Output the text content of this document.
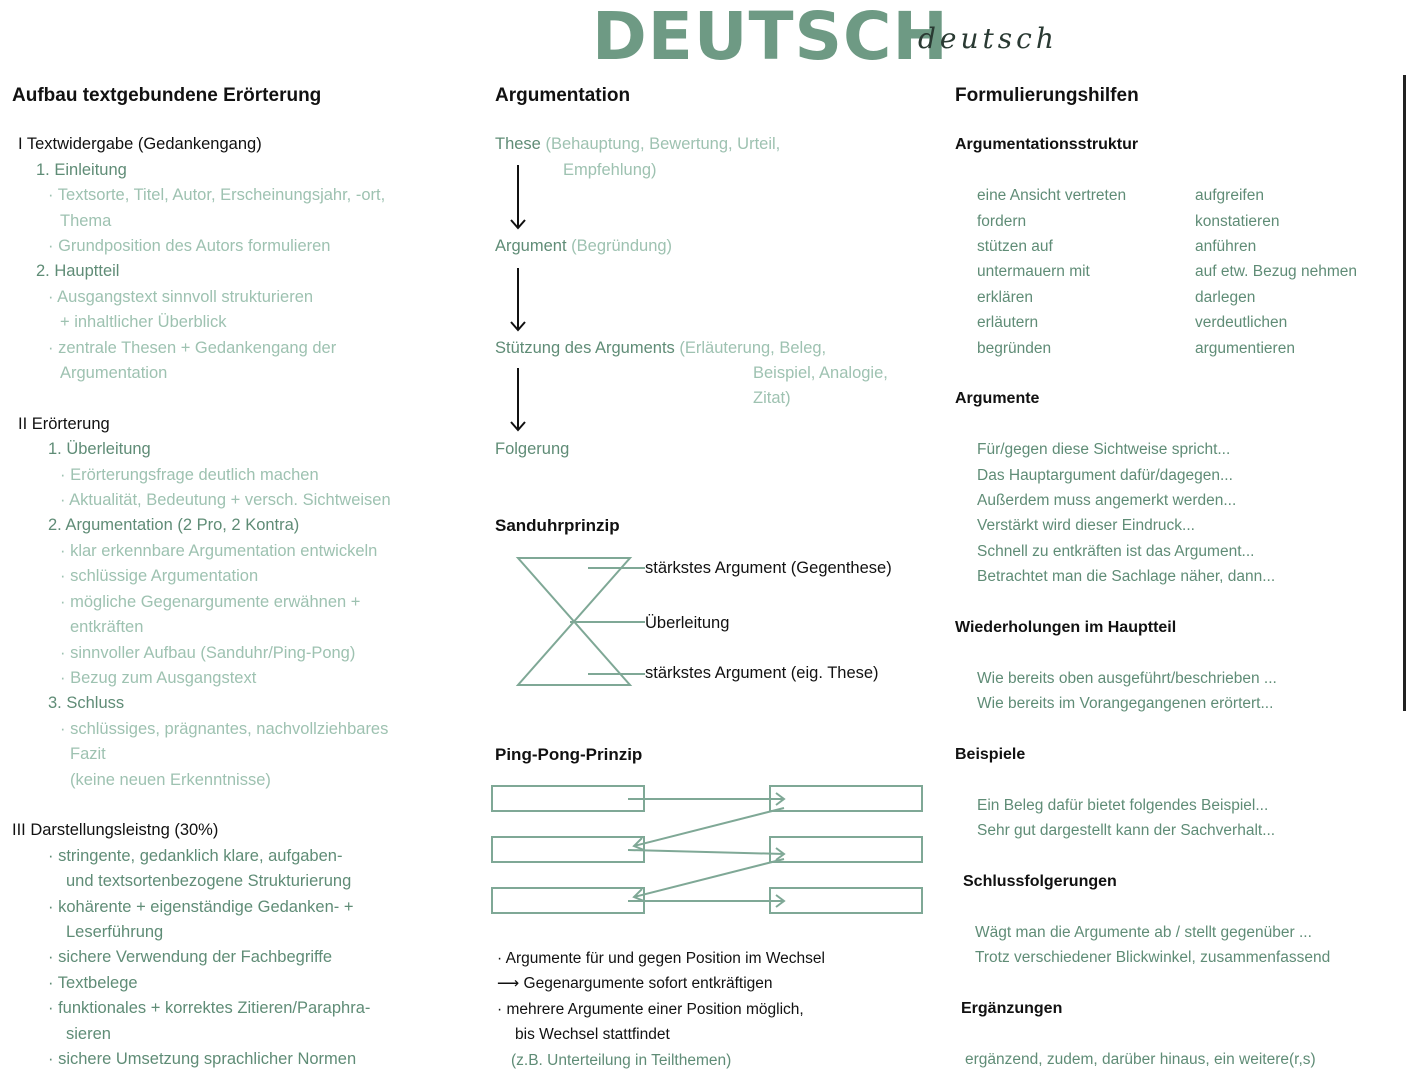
DEUTSCH
deutsch
Aufbau textgebundene Erörterung
I Textwidergabe (Gedankengang)
1. Einleitung
· Textsorte, Titel, Autor, Erscheinungsjahr, -ort,
Thema
· Grundposition des Autors formulieren
2. Hauptteil
· Ausgangstext sinnvoll strukturieren
+ inhaltlicher Überblick
· zentrale Thesen + Gedankengang der
Argumentation
II Erörterung
1. Überleitung
· Erörterungsfrage deutlich machen
· Aktualität, Bedeutung + versch. Sichtweisen
2. Argumentation (2 Pro, 2 Kontra)
· klar erkennbare Argumentation entwickeln
· schlüssige Argumentation
· mögliche Gegenargumente erwähnen +
entkräften
· sinnvoller Aufbau (Sanduhr/Ping-Pong)
· Bezug zum Ausgangstext
3. Schluss
· schlüssiges, prägnantes, nachvollziehbares
Fazit
(keine neuen Erkenntnisse)
III Darstellungsleistng (30%)
· stringente, gedanklich klare, aufgaben-
und textsortenbezogene Strukturierung
· kohärente + eigenständige Gedanken- +
Leserführung
· sichere Verwendung der Fachbegriffe
· Textbelege
· funktionales + korrektes Zitieren/Paraphra-
sieren
· sichere Umsetzung sprachlicher Normen
Argumentation
These (Behauptung, Bewertung, Urteil,
Empfehlung)
Argument (Begründung)
Stützung des Arguments (Erläuterung, Beleg,
Beispiel, Analogie,
Zitat)
Folgerung
Sanduhrprinzip
stärkstes Argument (Gegenthese)
Überleitung
stärkstes Argument (eig. These)
Ping-Pong-Prinzip
· Argumente für und gegen Position im Wechsel
⟶ Gegenargumente sofort entkräftigen
· mehrere Argumente einer Position möglich,
bis Wechsel stattfindet
(z.B. Unterteilung in Teilthemen)
Formulierungshilfen
Argumentationsstruktur
eine Ansicht vertreten
fordern
stützen auf
untermauern mit
erklären
erläutern
begründen
aufgreifen
konstatieren
anführen
auf etw. Bezug nehmen
darlegen
verdeutlichen
argumentieren
Argumente
Für/gegen diese Sichtweise spricht...
Das Hauptargument dafür/dagegen...
Außerdem muss angemerkt werden...
Verstärkt wird dieser Eindruck...
Schnell zu entkräften ist das Argument...
Betrachtet man die Sachlage näher, dann...
Wiederholungen im Hauptteil
Wie bereits oben ausgeführt/beschrieben ...
Wie bereits im Vorangegangenen erörtert...
Beispiele
Ein Beleg dafür bietet folgendes Beispiel...
Sehr gut dargestellt kann der Sachverhalt...
Schlussfolgerungen
Wägt man die Argumente ab / stellt gegenüber ...
Trotz verschiedener Blickwinkel, zusammenfassend
Ergänzungen
ergänzend, zudem, darüber hinaus, ein weitere(r,s)
